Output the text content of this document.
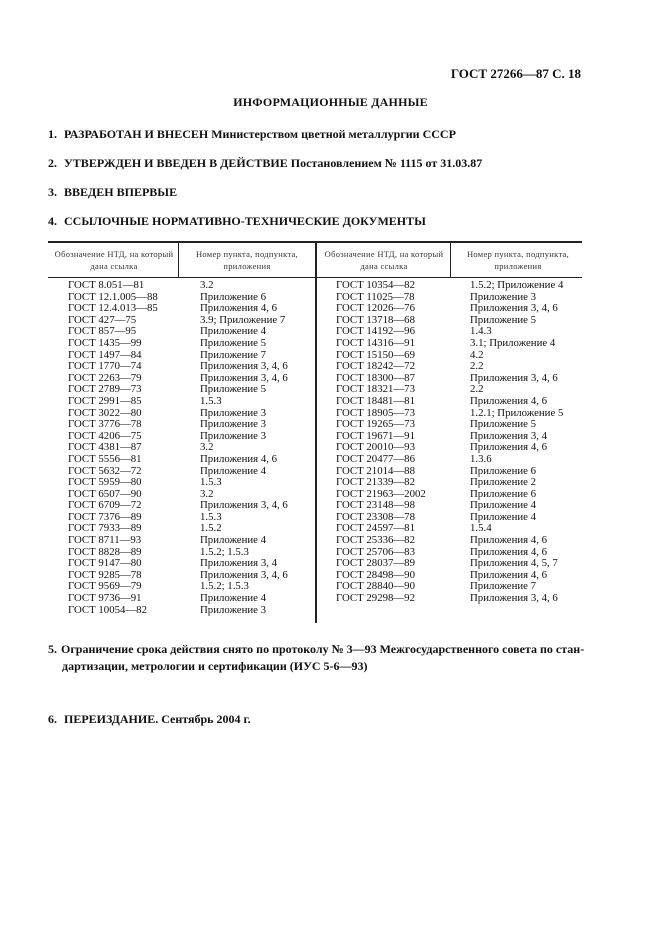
ГОСТ 27266—87 С. 18
ИНФОРМАЦИОННЫЕ ДАННЫЕ
1. РАЗРАБОТАН И ВНЕСЕН Министерством цветной металлургии СССР
2. УТВЕРЖДЕН И ВВЕДЕН В ДЕЙСТВИЕ Постановлением № 1115 от 31.03.87
3. ВВЕДЕН ВПЕРВЫЕ
4. ССЫЛОЧНЫЕ НОРМАТИВНО-ТЕХНИЧЕСКИЕ ДОКУМЕНТЫ
Обозначение НТД, на который дана ссылка
Номер пункта, подпункта, приложения
Обозначение НТД, на который дана ссылка
Номер пункта, подпункта, приложения
ГОСТ 8.051—81
ГОСТ 12.1.005—88
ГОСТ 12.4.013—85
ГОСТ 427—75
ГОСТ 857—95
ГОСТ 1435—99
ГОСТ 1497—84
ГОСТ 1770—74
ГОСТ 2263—79
ГОСТ 2789—73
ГОСТ 2991—85
ГОСТ 3022—80
ГОСТ 3776—78
ГОСТ 4206—75
ГОСТ 4381—87
ГОСТ 5556—81
ГОСТ 5632—72
ГОСТ 5959—80
ГОСТ 6507—90
ГОСТ 6709—72
ГОСТ 7376—89
ГОСТ 7933—89
ГОСТ 8711—93
ГОСТ 8828—89
ГОСТ 9147—80
ГОСТ 9285—78
ГОСТ 9569—79
ГОСТ 9736—91
ГОСТ 10054—82
3.2
Приложение 6
Приложения 4, 6
3.9; Приложение 7
Приложение 4
Приложение 5
Приложение 7
Приложения 3, 4, 6
Приложения 3, 4, 6
Приложение 5
1.5.3
Приложение 3
Приложение 3
Приложение 3
3.2
Приложения 4, 6
Приложение 4
1.5.3
3.2
Приложения 3, 4, 6
1.5.3
1.5.2
Приложение 4
1.5.2; 1.5.3
Приложения 3, 4
Приложения 3, 4, 6
1.5.2; 1.5.3
Приложение 4
Приложение 3
ГОСТ 10354—82
ГОСТ 11025—78
ГОСТ 12026—76
ГОСТ 13718—68
ГОСТ 14192—96
ГОСТ 14316—91
ГОСТ 15150—69
ГОСТ 18242—72
ГОСТ 18300—87
ГОСТ 18321—73
ГОСТ 18481—81
ГОСТ 18905—73
ГОСТ 19265—73
ГОСТ 19671—91
ГОСТ 20010—93
ГОСТ 20477—86
ГОСТ 21014—88
ГОСТ 21339—82
ГОСТ 21963—2002
ГОСТ 23148—98
ГОСТ 23308—78
ГОСТ 24597—81
ГОСТ 25336—82
ГОСТ 25706—83
ГОСТ 28037—89
ГОСТ 28498—90
ГОСТ 28840—90
ГОСТ 29298—92
1.5.2; Приложение 4
Приложение 3
Приложения 3, 4, 6
Приложение 5
1.4.3
3.1; Приложение 4
4.2
2.2
Приложения 3, 4, 6
2.2
Приложения 4, 6
1.2.1; Приложение 5
Приложение 5
Приложения 3, 4
Приложения 4, 6
1.3.6
Приложение 6
Приложение 2
Приложение 6
Приложение 4
Приложение 4
1.5.4
Приложения 4, 6
Приложения 4, 6
Приложения 4, 5, 7
Приложения 4, 6
Приложение 7
Приложения 3, 4, 6
5. Ограничение срока действия снято по протоколу № 3—93 Межгосударственного совета по стан-
дартизации, метрологии и сертификации (ИУС 5-6—93)
6. ПЕРЕИЗДАНИЕ. Сентябрь 2004 г.
